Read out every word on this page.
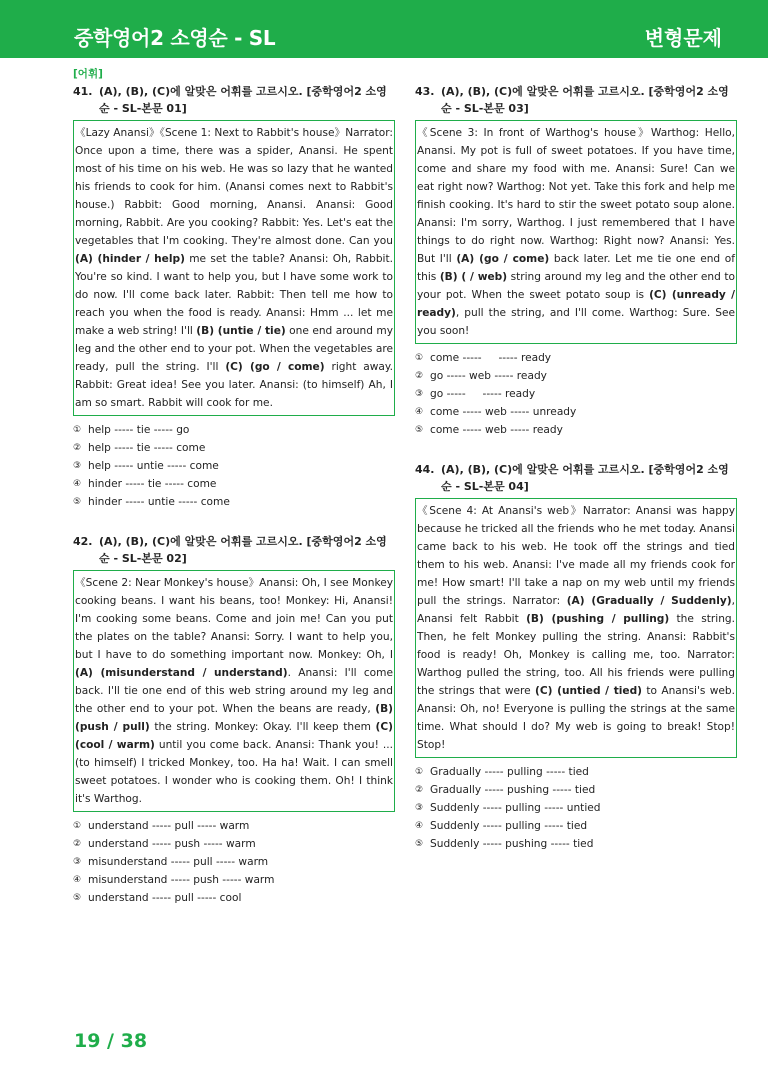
중학영어2 소영순 - SL	변형문제
[어휘]
41. (A), (B), (C)에 알맞은 어휘를 고르시오. [중학영어2 소영순 - SL-본문 01]
《Lazy Anansi》《Scene 1: Next to Rabbit's house》Narrator: Once upon a time, there was a spider, Anansi. He spent most of his time on his web. He was so lazy that he wanted his friends to cook for him. (Anansi comes next to Rabbit's house.) Rabbit: Good morning, Anansi. Anansi: Good morning, Rabbit. Are you cooking? Rabbit: Yes. Let's eat the vegetables that I'm cooking. They're almost done. Can you (A) (hinder / help) me set the table? Anansi: Oh, Rabbit. You're so kind. I want to help you, but I have some work to do now. I'll come back later. Rabbit: Then tell me how to reach you when the food is ready. Anansi: Hmm ... let me make a web string! I'll (B) (untie / tie) one end around my leg and the other end to your pot. When the vegetables are ready, pull the string. I'll (C) (go / come) right away. Rabbit: Great idea! See you later. Anansi: (to himself) Ah, I am so smart. Rabbit will cook for me.
① help ----- tie ----- go
② help ----- tie ----- come
③ help ----- untie ----- come
④ hinder ----- tie ----- come
⑤ hinder ----- untie ----- come
42. (A), (B), (C)에 알맞은 어휘를 고르시오. [중학영어2 소영순 - SL-본문 02]
《Scene 2: Near Monkey's house》Anansi: Oh, I see Monkey cooking beans. I want his beans, too! Monkey: Hi, Anansi! I'm cooking some beans. Come and join me! Can you put the plates on the table? Anansi: Sorry. I want to help you, but I have to do something important now. Monkey: Oh, I (A) (misunderstand / understand). Anansi: I'll come back. I'll tie one end of this web string around my leg and the other end to your pot. When the beans are ready, (B) (push / pull) the string. Monkey: Okay. I'll keep them (C) (cool / warm) until you come back. Anansi: Thank you! ... (to himself) I tricked Monkey, too. Ha ha! Wait. I can smell sweet potatoes. I wonder who is cooking them. Oh! I think it's Warthog.
① understand ----- pull ----- warm
② understand ----- push ----- warm
③ misunderstand ----- pull ----- warm
④ misunderstand ----- push ----- warm
⑤ understand ----- pull ----- cool
43. (A), (B), (C)에 알맞은 어휘를 고르시오. [중학영어2 소영순 - SL-본문 03]
《Scene 3: In front of Warthog's house》Warthog: Hello, Anansi. My pot is full of sweet potatoes. If you have time, come and share my food with me. Anansi: Sure! Can we eat right now? Warthog: Not yet. Take this fork and help me finish cooking. It's hard to stir the sweet potato soup alone. Anansi: I'm sorry, Warthog. I just remembered that I have things to do right now. Warthog: Right now? Anansi: Yes. But I'll (A) (go / come) back later. Let me tie one end of this (B) ( / web) string around my leg and the other end to your pot. When the sweet potato soup is (C) (unready / ready), pull the string, and I'll come. Warthog: Sure. See you soon!
① come -----     ----- ready
② go ----- web ----- ready
③ go -----     ----- ready
④ come ----- web ----- unready
⑤ come ----- web ----- ready
44. (A), (B), (C)에 알맞은 어휘를 고르시오. [중학영어2 소영순 - SL-본문 04]
《Scene 4: At Anansi's web》Narrator: Anansi was happy because he tricked all the friends who he met today. Anansi came back to his web. He took off the strings and tied them to his web. Anansi: I've made all my friends cook for me! How smart! I'll take a nap on my web until my friends pull the strings. Narrator: (A) (Gradually / Suddenly), Anansi felt Rabbit (B) (pushing / pulling) the string. Then, he felt Monkey pulling the string. Anansi: Rabbit's food is ready! Oh, Monkey is calling me, too. Narrator: Warthog pulled the string, too. All his friends were pulling the strings that were (C) (untied / tied) to Anansi's web. Anansi: Oh, no! Everyone is pulling the strings at the same time. What should I do? My web is going to break! Stop! Stop!
① Gradually ----- pulling ----- tied
② Gradually ----- pushing ----- tied
③ Suddenly ----- pulling ----- untied
④ Suddenly ----- pulling ----- tied
⑤ Suddenly ----- pushing ----- tied
19 / 38
